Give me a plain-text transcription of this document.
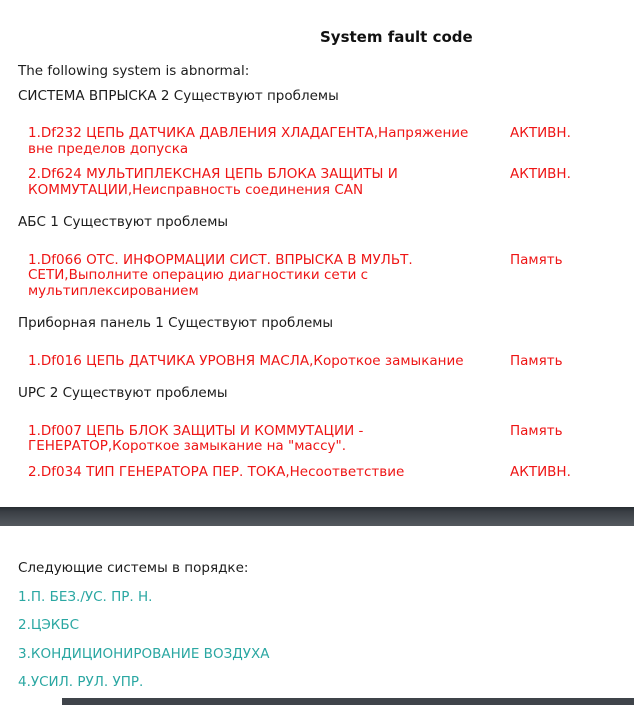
System fault code
The following system is abnormal:
СИСТЕМА ВПРЫСКА 2 Существуют проблемы
1.Df232 ЦЕПЬ ДАТЧИКА ДАВЛЕНИЯ ХЛАДАГЕНТА,Напряжение вне пределов допуска
АКТИВН.
2.Df624 МУЛЬТИПЛЕКСНАЯ ЦЕПЬ БЛОКА ЗАЩИТЫ И КОММУТАЦИИ,Неисправность соединения CAN
АКТИВН.
АБС 1 Существуют проблемы
1.Df066 ОТС. ИНФОРМАЦИИ СИСТ. ВПРЫСКА В МУЛЬТ. СЕТИ,Выполните операцию диагностики сети с мультиплексированием
Память
Приборная панель 1 Существуют проблемы
1.Df016 ЦЕПЬ ДАТЧИКА УРОВНЯ МАСЛА,Короткое замыкание	Память
UPC 2 Существуют проблемы
1.Df007 ЦЕПЬ БЛОК ЗАЩИТЫ И КОММУТАЦИИ - ГЕНЕРАТОР,Короткое замыкание на "массу".
Память
2.Df034 ТИП ГЕНЕРАТОРА ПЕР. ТОКА,Несоответствие	АКТИВН.
Следующие системы в порядке:
1.П. БЕЗ./УС. ПР. Н.
2.ЦЭКБС
3.КОНДИЦИОНИРОВАНИЕ ВОЗДУХА
4.УСИЛ. РУЛ. УПР.
